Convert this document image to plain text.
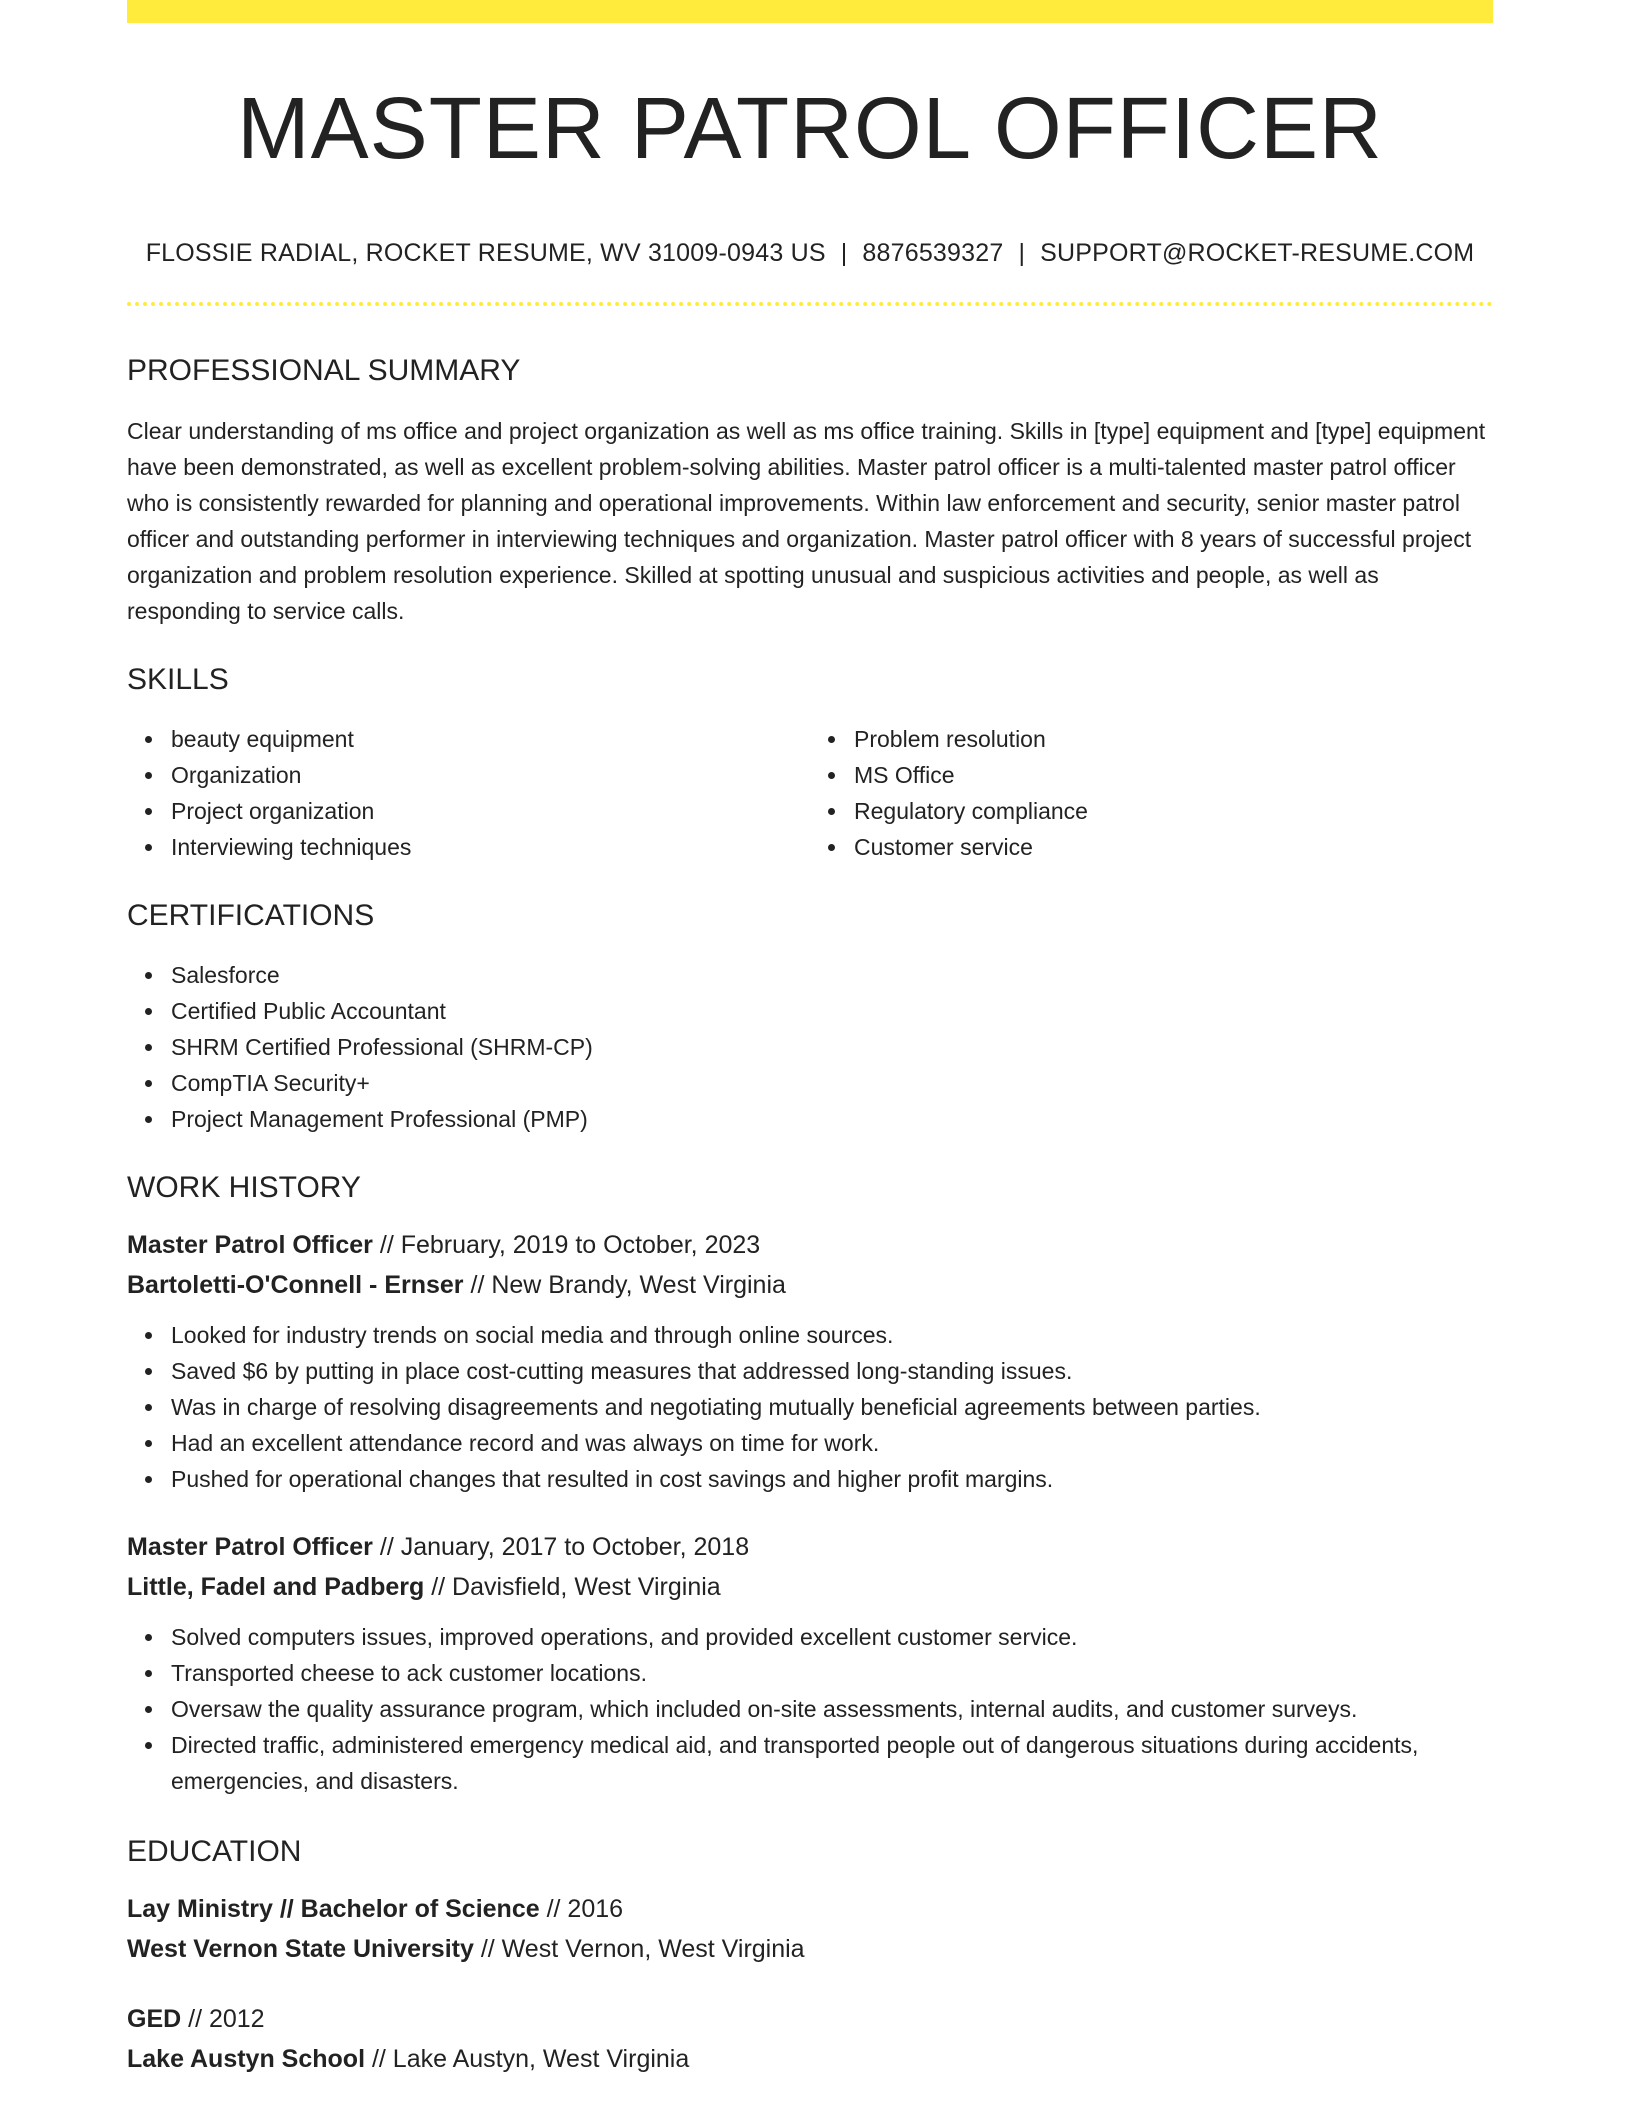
MASTER PATROL OFFICER
FLOSSIE RADIAL, ROCKET RESUME, WV 31009-0943 US | 8876539327 | SUPPORT@ROCKET-RESUME.COM
PROFESSIONAL SUMMARY
Clear understanding of ms office and project organization as well as ms office training. Skills in [type] equipment and [type] equipment have been demonstrated, as well as excellent problem-solving abilities. Master patrol officer is a multi-talented master patrol officer who is consistently rewarded for planning and operational improvements. Within law enforcement and security, senior master patrol officer and outstanding performer in interviewing techniques and organization. Master patrol officer with 8 years of successful project organization and problem resolution experience. Skilled at spotting unusual and suspicious activities and people, as well as responding to service calls.
SKILLS
beauty equipment
Organization
Project organization
Interviewing techniques
Problem resolution
MS Office
Regulatory compliance
Customer service
CERTIFICATIONS
Salesforce
Certified Public Accountant
SHRM Certified Professional (SHRM-CP)
CompTIA Security+
Project Management Professional (PMP)
WORK HISTORY
Master Patrol Officer // February, 2019 to October, 2023
Bartoletti-O'Connell - Ernser // New Brandy, West Virginia
Looked for industry trends on social media and through online sources.
Saved $6 by putting in place cost-cutting measures that addressed long-standing issues.
Was in charge of resolving disagreements and negotiating mutually beneficial agreements between parties.
Had an excellent attendance record and was always on time for work.
Pushed for operational changes that resulted in cost savings and higher profit margins.
Master Patrol Officer // January, 2017 to October, 2018
Little, Fadel and Padberg // Davisfield, West Virginia
Solved computers issues, improved operations, and provided excellent customer service.
Transported cheese to ack customer locations.
Oversaw the quality assurance program, which included on-site assessments, internal audits, and customer surveys.
Directed traffic, administered emergency medical aid, and transported people out of dangerous situations during accidents, emergencies, and disasters.
EDUCATION
Lay Ministry // Bachelor of Science // 2016
West Vernon State University // West Vernon, West Virginia
GED // 2012
Lake Austyn School // Lake Austyn, West Virginia
